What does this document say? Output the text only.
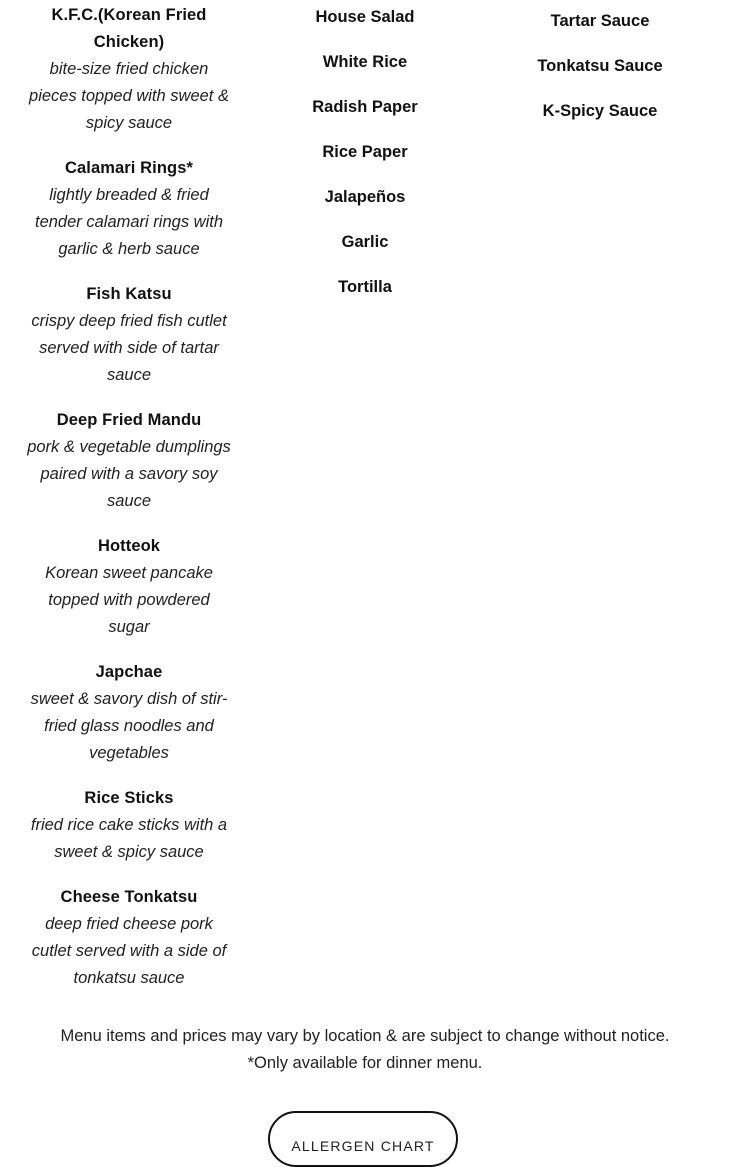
K.F.C.(Korean Fried Chicken)
bite-size fried chicken pieces topped with sweet & spicy sauce
Calamari Rings*
lightly breaded & fried tender calamari rings with garlic & herb sauce
Fish Katsu
crispy deep fried fish cutlet served with side of tartar sauce
Deep Fried Mandu
pork & vegetable dumplings paired with a savory soy sauce
Hotteok
Korean sweet pancake topped with powdered sugar
Japchae
sweet & savory dish of stir-fried glass noodles and vegetables
Rice Sticks
fried rice cake sticks with a sweet & spicy sauce
Cheese Tonkatsu
deep fried cheese pork cutlet served with a side of tonkatsu sauce
House Salad
White Rice
Radish Paper
Rice Paper
Jalapeños
Garlic
Tortilla
Tartar Sauce
Tonkatsu Sauce
K-Spicy Sauce
Menu items and prices may vary by location & are subject to change without notice.
*Only available for dinner menu.
ALLERGEN CHART
